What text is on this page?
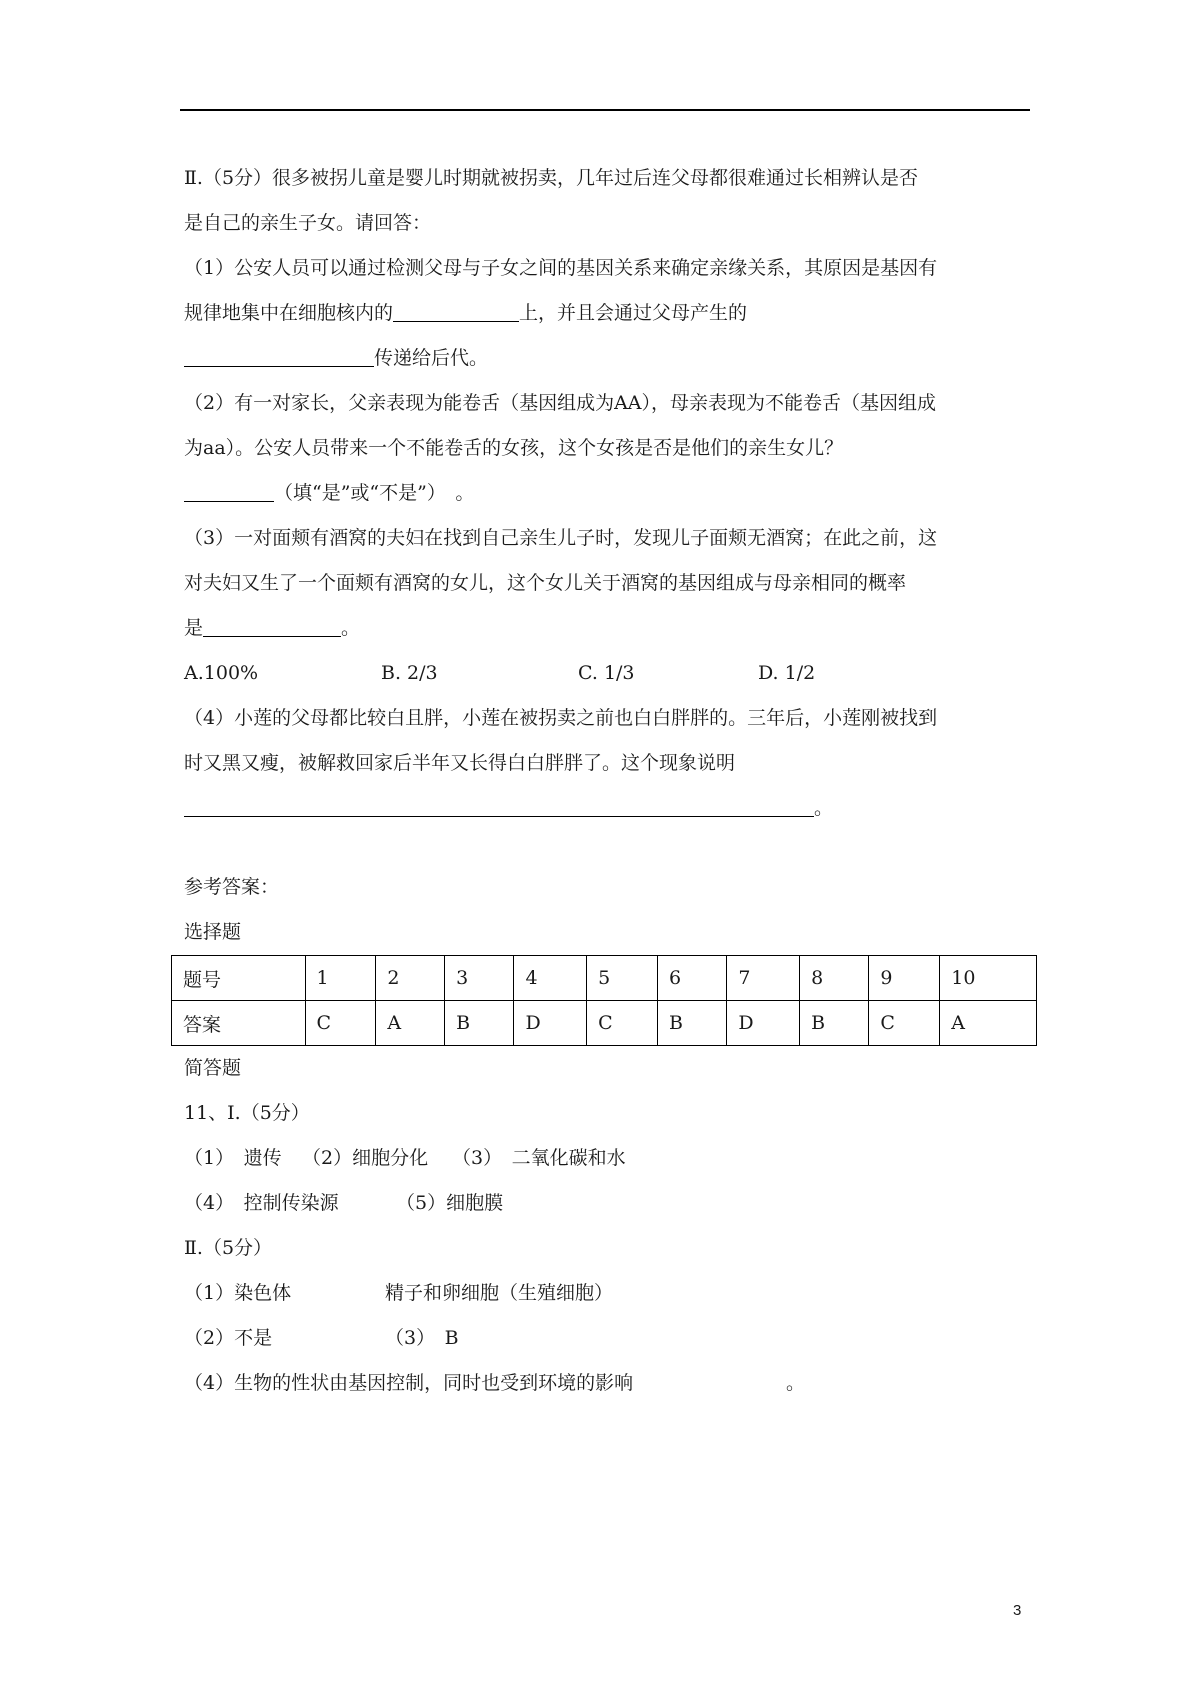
Ⅱ.（5分）很多被拐儿童是婴儿时期就被拐卖，几年过后连父母都很难通过长相辨认是否
是自己的亲生子女。请回答：
（1）公安人员可以通过检测父母与子女之间的基因关系来确定亲缘关系，其原因是基因有
规律地集中在细胞核内的	上，并且会通过父母产生的
传递给后代。
（2）有一对家长，父亲表现为能卷舌（基因组成为AA），母亲表现为不能卷舌（基因组成
为aa）。公安人员带来一个不能卷舌的女孩，这个女孩是否是他们的亲生女儿？
（填“是”或“不是”）　。
（3）一对面颊有酒窝的夫妇在找到自己亲生儿子时，发现儿子面颊无酒窝；在此之前，这
对夫妇又生了一个面颊有酒窝的女儿，这个女儿关于酒窝的基因组成与母亲相同的概率
是	。
A.100%	B. 2/3	C. 1/3	D. 1/2
（4）小莲的父母都比较白且胖，小莲在被拐卖之前也白白胖胖的。三年后，小莲刚被找到
时又黑又瘦，被解救回家后半年又长得白白胖胖了。这个现象说明
。
参考答案：
选择题
题号	1	2	3	4	5	6	7	8	9	10
答案	C	A	B	D	C	B	D	B	C	A
简答题
11、Ⅰ.（5分）
（1）　遗传 （2）细胞分化 （3）　二氧化碳和水
（4）　控制传染源	（5）细胞膜
Ⅱ.（5分）
（1）染色体	精子和卵细胞（生殖细胞）
（2）不是	（3）　B
（4）生物的性状由基因控制，同时也受到环境的影响	。
3
